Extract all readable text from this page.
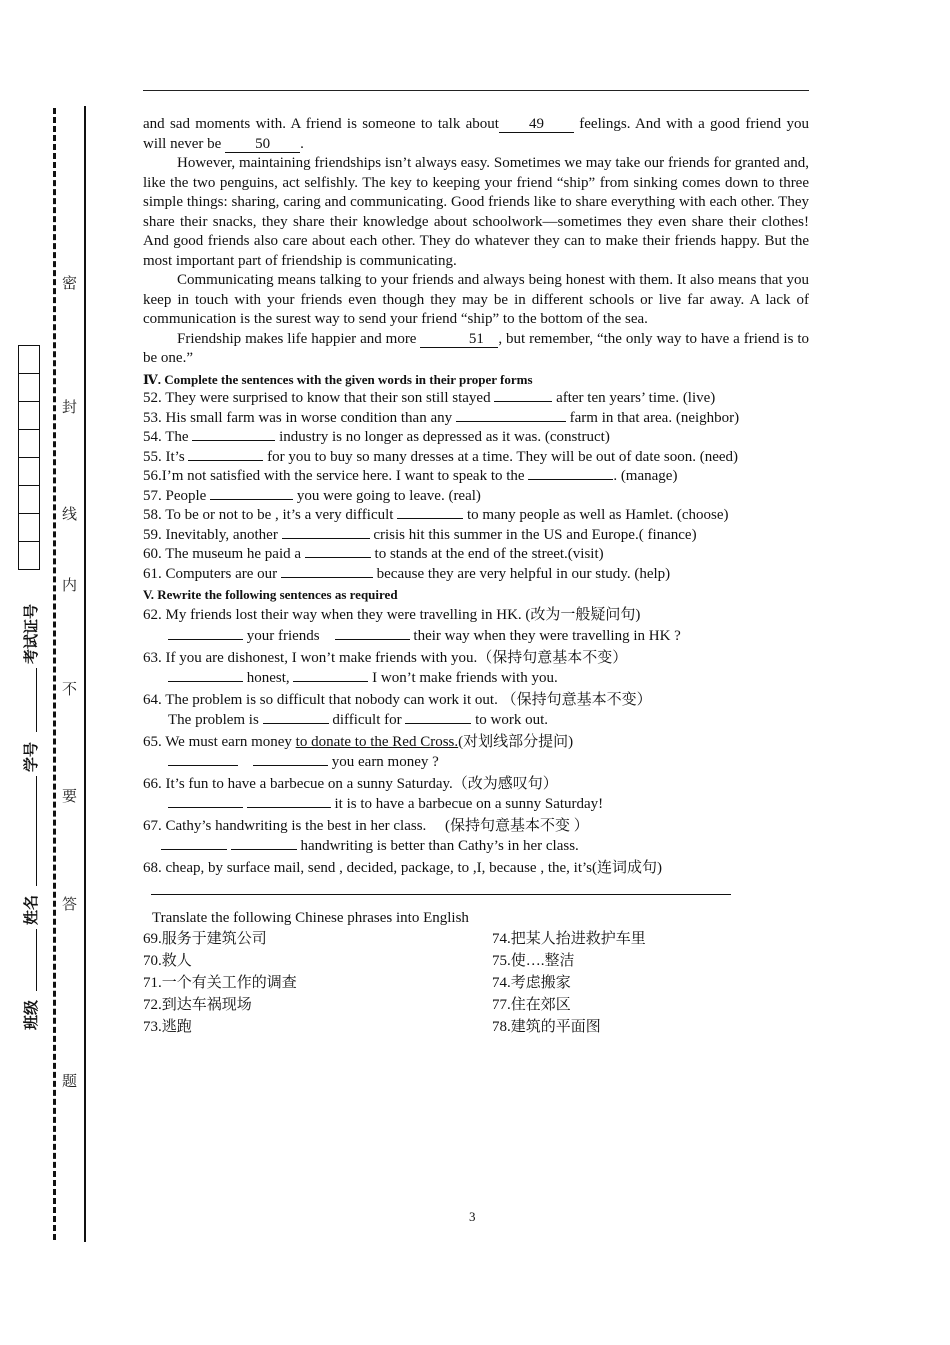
密
封
线
内
不
要
答
题
考试证号
学号
姓名
班级

and sad moments with. A friend is someone to talk about 49 feelings. And with a good friend you will never be 50 .

However, maintaining friendships isn’t always easy. Sometimes we may take our friends for granted and, like the two penguins, act selfishly. The key to keeping your friend “ship” from sinking comes down to three simple things: sharing, caring and communicating. Good friends like to share everything with each other. They share their snacks, they share their knowledge about schoolwork—sometimes they even share their clothes! And good friends also care about each other. They do whatever they can to make their friends happy. But the most important part of friendship is communicating.

Communicating means talking to your friends and always being honest with them. It also means that you keep in touch with your friends even though they may be in different schools or live far away. A lack of communication is the surest way to send your friend “ship” to the bottom of the sea.

Friendship makes life happier and more	51 , but remember, “the only way to have a friend is to be one.”

Ⅳ. Complete the sentences with the given words in their proper forms

52. They were surprised to know that their son still stayed	after ten years’ time. (live)

53. His small farm was in worse condition than any	farm in that area. (neighbor)

54. The	industry is no longer as depressed as it was. (construct)

55. It’s	for you to buy so many dresses at a time. They will be out of date soon. (need)

56.I’m not satisfied with the service here. I want to speak to the	. (manage)

57. People	you were going to leave. (real)

58. To be or not to be , it’s a very difficult	to many people as well as Hamlet. (choose)

59. Inevitably, another	crisis hit this summer in the US and Europe.( finance)

60. The museum he paid a	to stands at the end of the street.(visit)

61. Computers are our	because they are very helpful in our study. (help)

V. Rewrite the following sentences as required

62. My friends lost their way when they were travelling in HK. (改为一般疑问句)

your friends	their way when they were travelling in HK ?

63. If you are dishonest, I won’t make friends with you.（保持句意基本不变）

honest,	I won’t make friends with you.

64. The problem is so difficult that nobody can work it out. （保持句意基本不变）

The problem is	difficult for	to work out.

65. We must earn money to donate to the Red Cross.(对划线部分提问)

you earn money ?

66. It’s fun to have a barbecue on a sunny Saturday.（改为感叹句）

it is to have a barbecue on a sunny Saturday!

67. Cathy’s handwriting is the best in her class.　 (保持句意基本不变 ）

handwriting is better than Cathy’s in her class.

68. cheap, by surface mail, send , decided, package, to ,I, because , the, it’s(连词成句)

Translate the following Chinese phrases into English

69.服务于建筑公司	74.把某人抬进救护车里
70.救人	75.使….整洁
71.一个有关工作的调查	74.考虑搬家
72.到达车祸现场	77.住在郊区
73.逃跑	78.建筑的平面图
3
